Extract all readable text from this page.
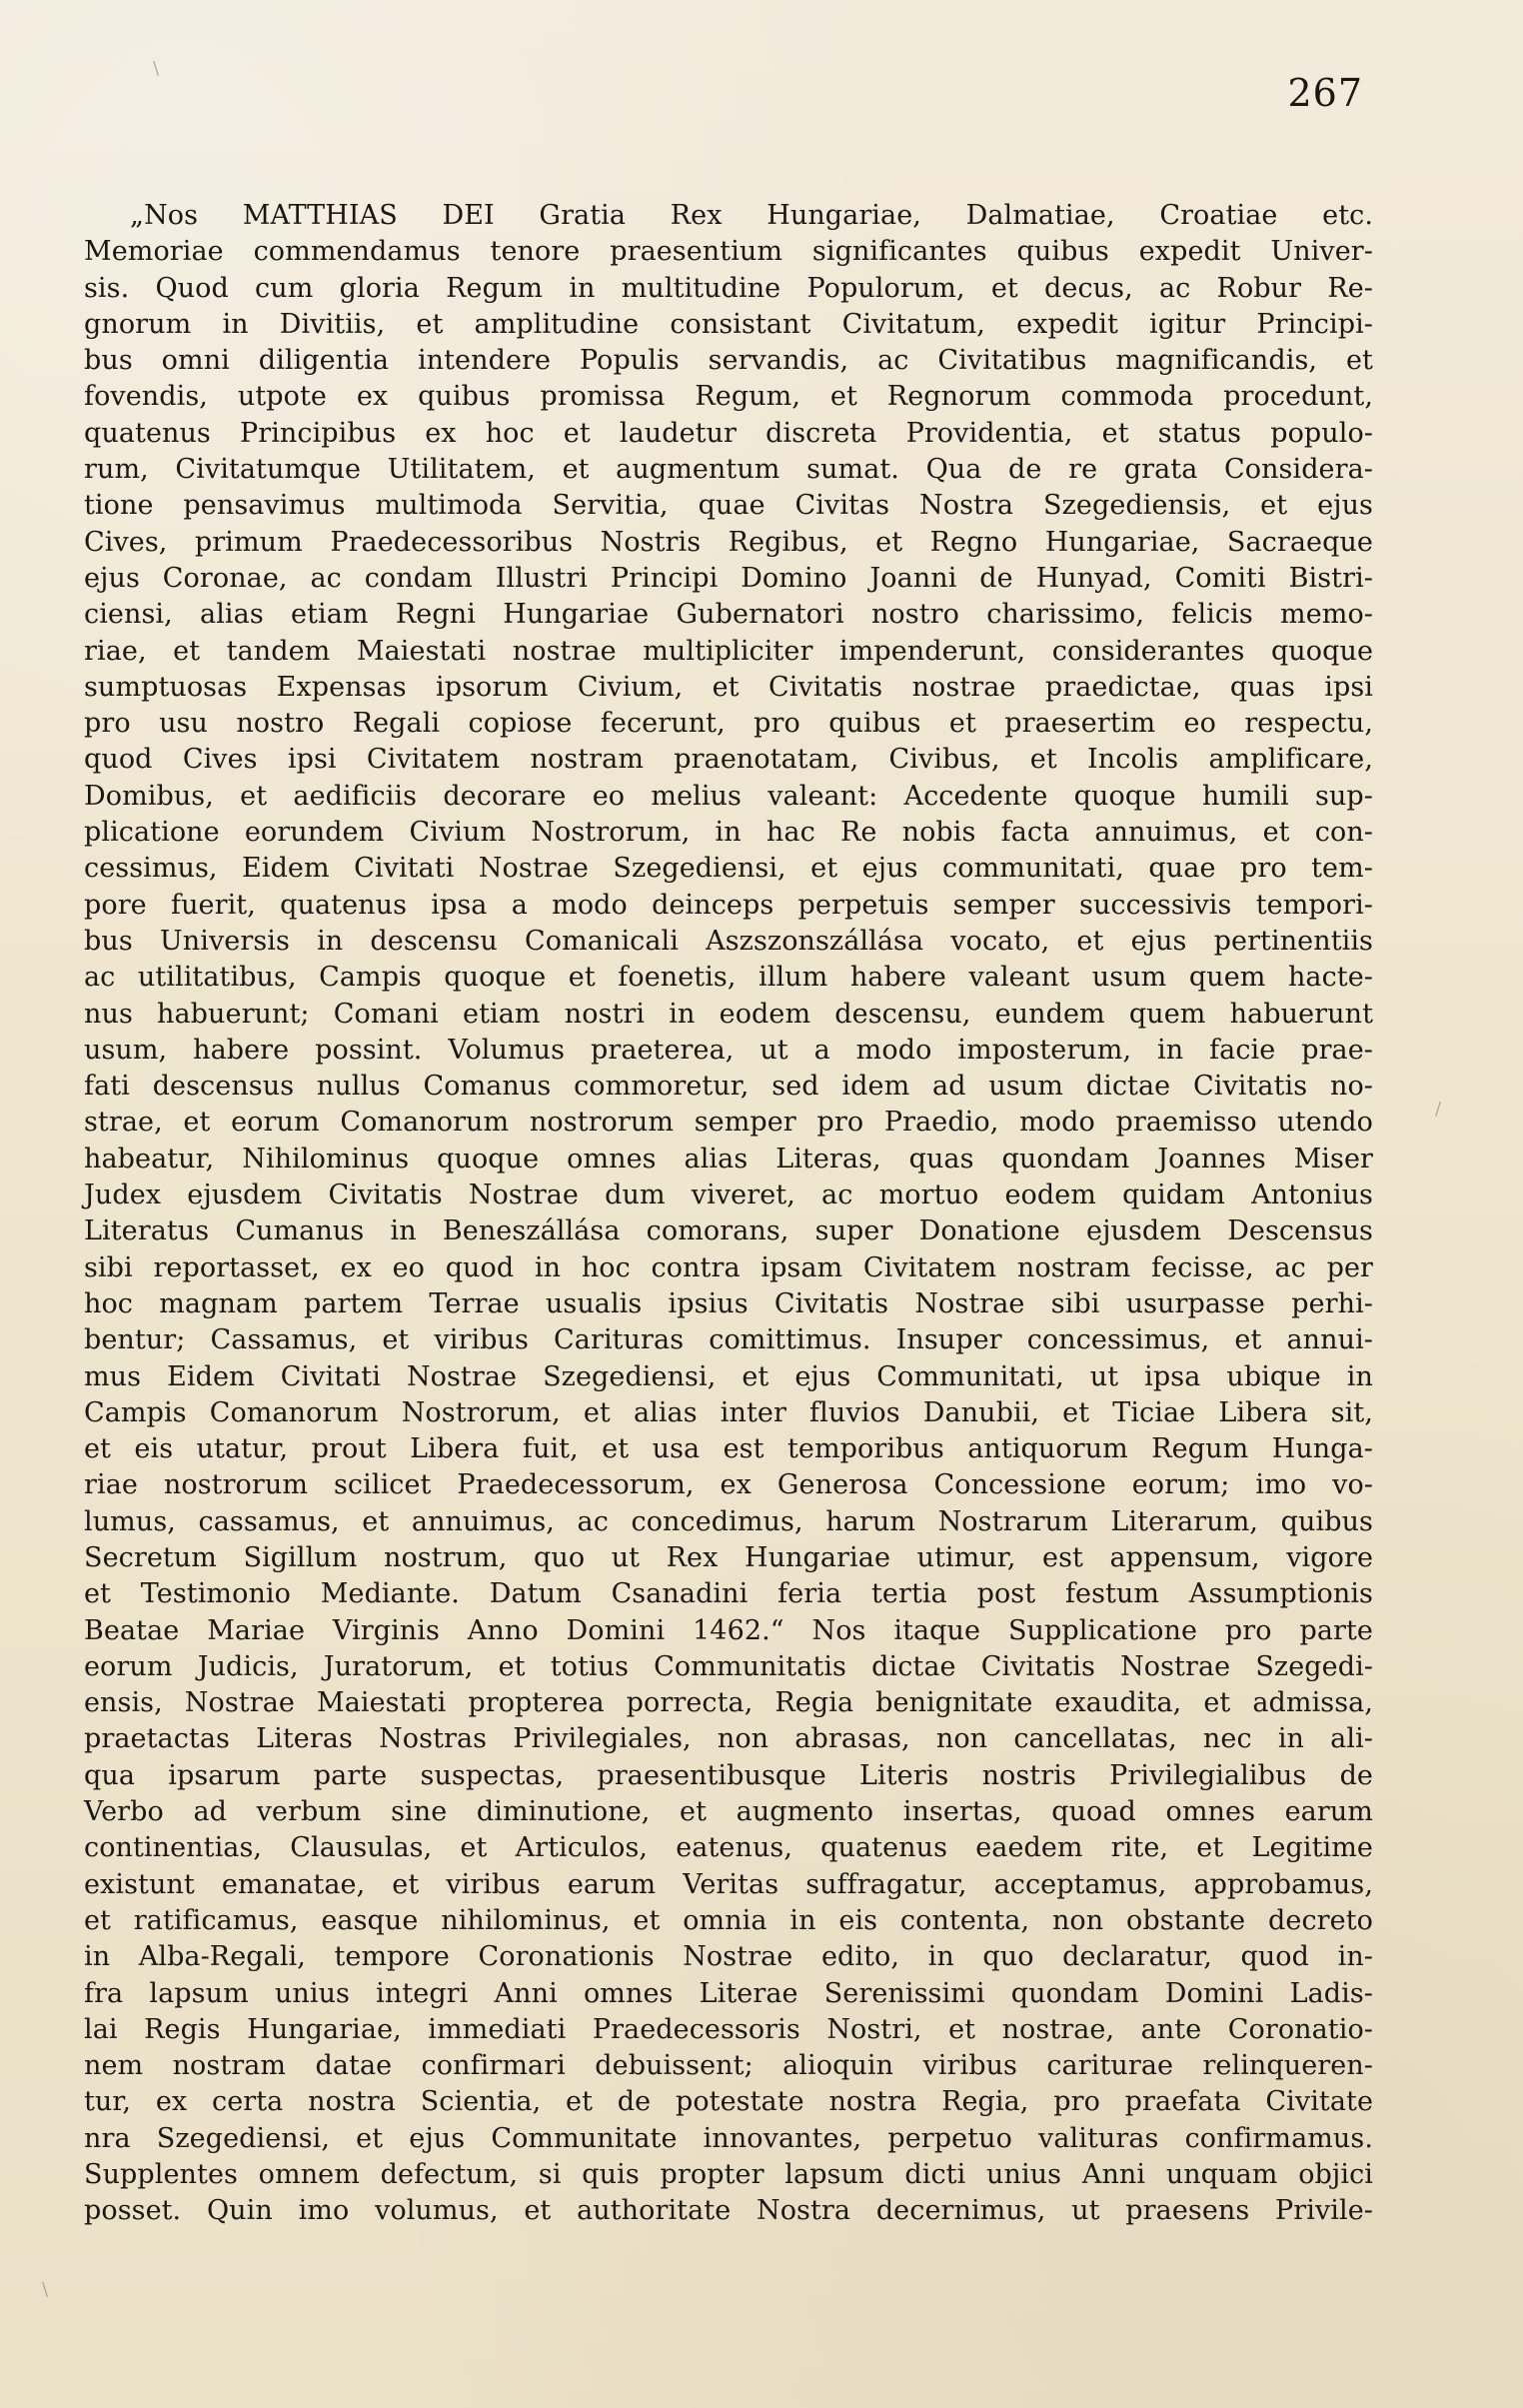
\
267
„Nos MATTHIAS DEI Gratia Rex Hungariae, Dalmatiae, Croatiae etc.
Memoriae commendamus tenore praesentium significantes quibus expedit Univer-
sis. Quod cum gloria Regum in multitudine Populorum, et decus, ac Robur Re-
gnorum in Divitiis, et amplitudine consistant Civitatum, expedit igitur Principi-
bus omni diligentia intendere Populis servandis, ac Civitatibus magnificandis, et
fovendis, utpote ex quibus promissa Regum, et Regnorum commoda procedunt,
quatenus Principibus ex hoc et laudetur discreta Providentia, et status populo-
rum, Civitatumque Utilitatem, et augmentum sumat. Qua de re grata Considera-
tione pensavimus multimoda Servitia, quae Civitas Nostra Szegediensis, et ejus
Cives, primum Praedecessoribus Nostris Regibus, et Regno Hungariae, Sacraeque
ejus Coronae, ac condam Illustri Principi Domino Joanni de Hunyad, Comiti Bistri-
ciensi, alias etiam Regni Hungariae Gubernatori nostro charissimo, felicis memo-
riae, et tandem Maiestati nostrae multipliciter impenderunt, considerantes quoque
sumptuosas Expensas ipsorum Civium, et Civitatis nostrae praedictae, quas ipsi
pro usu nostro Regali copiose fecerunt, pro quibus et praesertim eo respectu,
quod Cives ipsi Civitatem nostram praenotatam, Civibus, et Incolis amplificare,
Domibus, et aedificiis decorare eo melius valeant: Accedente quoque humili sup-
plicatione eorundem Civium Nostrorum, in hac Re nobis facta annuimus, et con-
cessimus, Eidem Civitati Nostrae Szegediensi, et ejus communitati, quae pro tem-
pore fuerit, quatenus ipsa a modo deinceps perpetuis semper successivis tempori-
bus Universis in descensu Comanicali Aszszonszállása vocato, et ejus pertinentiis
ac utilitatibus, Campis quoque et foenetis, illum habere valeant usum quem hacte-
nus habuerunt; Comani etiam nostri in eodem descensu, eundem quem habuerunt
usum, habere possint. Volumus praeterea, ut a modo imposterum, in facie prae-
fati descensus nullus Comanus commoretur, sed idem ad usum dictae Civitatis no-
strae, et eorum Comanorum nostrorum semper pro Praedio, modo praemisso utendo
habeatur, Nihilominus quoque omnes alias Literas, quas quondam Joannes Miser
Judex ejusdem Civitatis Nostrae dum viveret, ac mortuo eodem quidam Antonius
Literatus Cumanus in Beneszállása comorans, super Donatione ejusdem Descensus
sibi reportasset, ex eo quod in hoc contra ipsam Civitatem nostram fecisse, ac per
hoc magnam partem Terrae usualis ipsius Civitatis Nostrae sibi usurpasse perhi-
bentur; Cassamus, et viribus Carituras comittimus. Insuper concessimus, et annui-
mus Eidem Civitati Nostrae Szegediensi, et ejus Communitati, ut ipsa ubique in
Campis Comanorum Nostrorum, et alias inter fluvios Danubii, et Ticiae Libera sit,
et eis utatur, prout Libera fuit, et usa est temporibus antiquorum Regum Hunga-
riae nostrorum scilicet Praedecessorum, ex Generosa Concessione eorum; imo vo-
lumus, cassamus, et annuimus, ac concedimus, harum Nostrarum Literarum, quibus
Secretum Sigillum nostrum, quo ut Rex Hungariae utimur, est appensum, vigore
et Testimonio Mediante. Datum Csanadini feria tertia post festum Assumptionis
Beatae Mariae Virginis Anno Domini 1462.“ Nos itaque Supplicatione pro parte
eorum Judicis, Juratorum, et totius Communitatis dictae Civitatis Nostrae Szegedi-
ensis, Nostrae Maiestati propterea porrecta, Regia benignitate exaudita, et admissa,
praetactas Literas Nostras Privilegiales, non abrasas, non cancellatas, nec in ali-
qua ipsarum parte suspectas, praesentibusque Literis nostris Privilegialibus de
Verbo ad verbum sine diminutione, et augmento insertas, quoad omnes earum
continentias, Clausulas, et Articulos, eatenus, quatenus eaedem rite, et Legitime
existunt emanatae, et viribus earum Veritas suffragatur, acceptamus, approbamus,
et ratificamus, easque nihilominus, et omnia in eis contenta, non obstante decreto
in Alba-Regali, tempore Coronationis Nostrae edito, in quo declaratur, quod in-
fra lapsum unius integri Anni omnes Literae Serenissimi quondam Domini Ladis-
lai Regis Hungariae, immediati Praedecessoris Nostri, et nostrae, ante Coronatio-
nem nostram datae confirmari debuissent; alioquin viribus cariturae relinqueren-
tur, ex certa nostra Scientia, et de potestate nostra Regia, pro praefata Civitate
nra Szegediensi, et ejus Communitate innovantes, perpetuo valituras confirmamus.
Supplentes omnem defectum, si quis propter lapsum dicti unius Anni unquam objici
posset. Quin imo volumus, et authoritate Nostra decernimus, ut praesens Privile-
/
\
